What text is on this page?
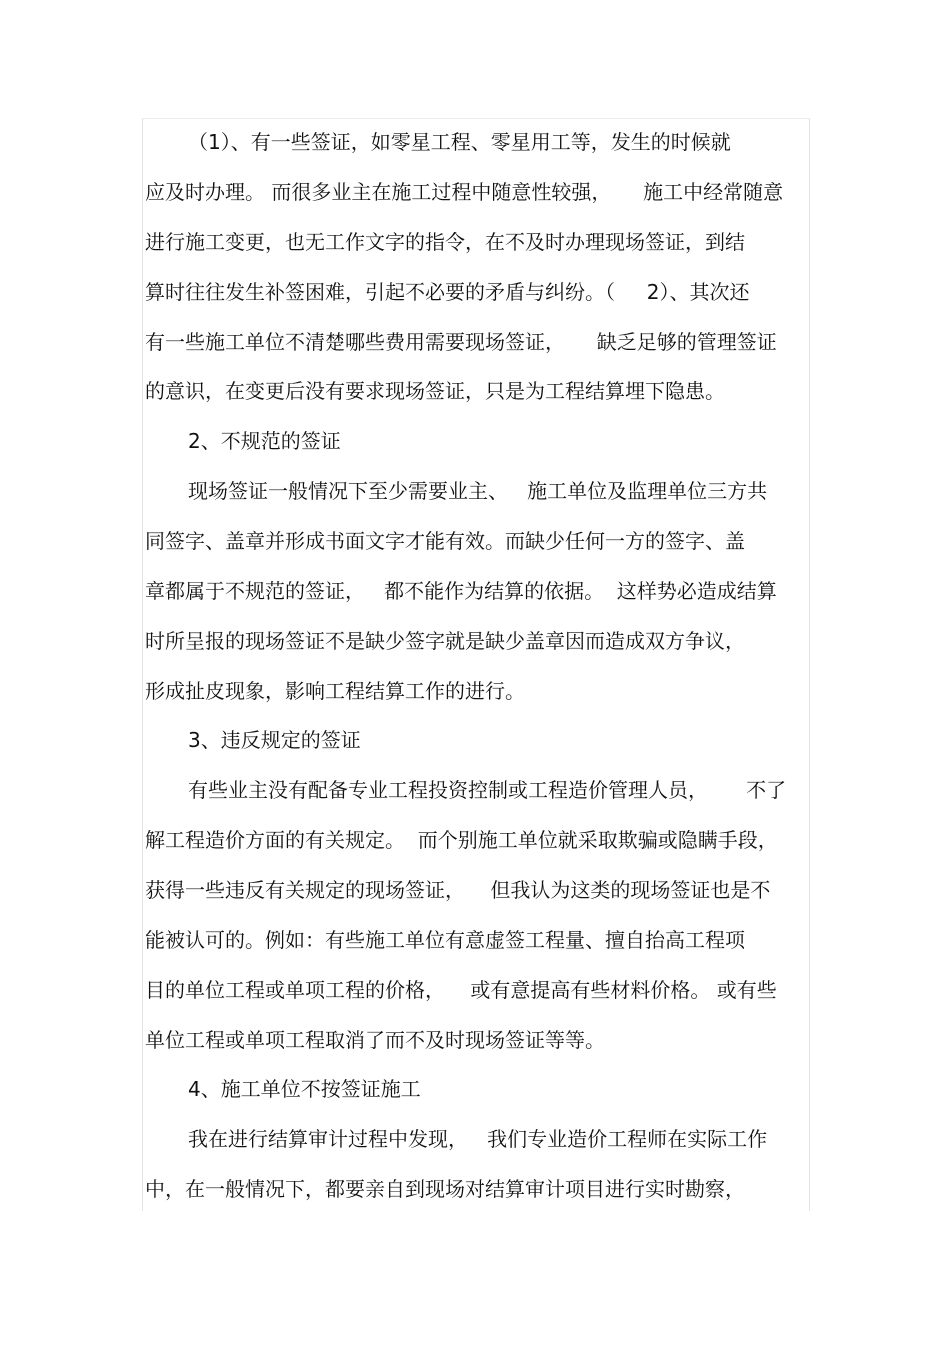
（1）、有一些签证，如零星工程、零星用工等，发生的时候就
应及时办理。 而很多业主在施工过程中随意性较强，     施工中经常随意
进行施工变更，也无工作文字的指令，在不及时办理现场签证，到结
算时往往发生补签困难，引起不必要的矛盾与纠纷。（     2）、其次还
有一些施工单位不清楚哪些费用需要现场签证，     缺乏足够的管理签证
的意识，在变更后没有要求现场签证，只是为工程结算埋下隐患。
2、不规范的签证
现场签证一般情况下至少需要业主、   施工单位及监理单位三方共
同签字、盖章并形成书面文字才能有效。而缺少任何一方的签字、盖
章都属于不规范的签证，   都不能作为结算的依据。  这样势必造成结算
时所呈报的现场签证不是缺少签字就是缺少盖章因而造成双方争议，
形成扯皮现象，影响工程结算工作的进行。
3、违反规定的签证
有些业主没有配备专业工程投资控制或工程造价管理人员，      不了
解工程造价方面的有关规定。  而个别施工单位就采取欺骗或隐瞒手段，
获得一些违反有关规定的现场签证，    但我认为这类的现场签证也是不
能被认可的。例如：有些施工单位有意虚签工程量、擅自抬高工程项
目的单位工程或单项工程的价格，    或有意提高有些材料价格。 或有些
单位工程或单项工程取消了而不及时现场签证等等。
4、施工单位不按签证施工
我在进行结算审计过程中发现，   我们专业造价工程师在实际工作
中，在一般情况下，都要亲自到现场对结算审计项目进行实时勘察，
